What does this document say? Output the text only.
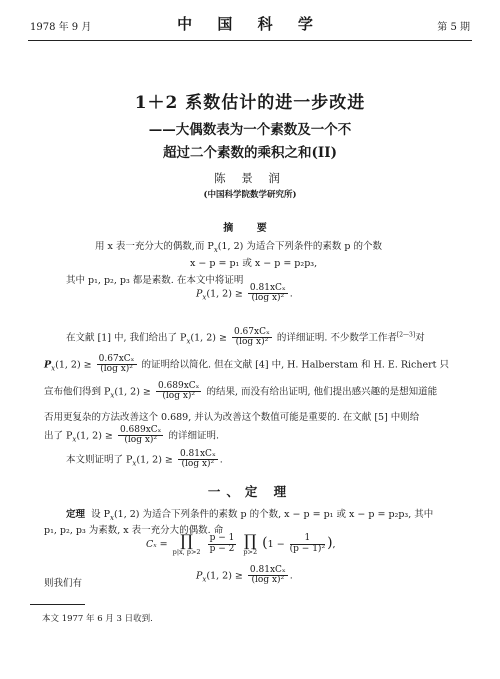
1978 年 9 月	中 国 科 学	第 5 期
1＋2 系数估计的进一步改进
——大偶数表为一个素数及一个不
超过二个素数的乘积之和(II)
陈 景 润
(中国科学院数学研究所)
摘 要
用 x 表一充分大的偶数,而 $P_x(1$, 2) 为适合下列条件的素数 p 的个数
x − p = p₁ 或 x − p = p₂p₃,
其中 p₁, p₂, p₃ 都是素数. 在本文中将证明
$P_x(1$, $2) \ge \frac{\text{0.81xCₓ}}{\text{(log x)²}}$ .
在文献 [1] 中, 我们给出了 $P_x(1$, $2) \ge \frac{\text{0.67xCₓ}}{\text{(log x)²}}$ 的详细证明. 不少数学工作者[2—3]对
$P_x(1$, $2) \ge \frac{\text{0.67xCₓ}}{\text{(log x)²}}$ 的证明给以简化. 但在文献 [4] 中, H. Halberstam 和 H. E. Richert 只
宣布他们得到 $P_x(1$, $2) \ge \frac{\text{0.689xCₓ}}{\text{(log x)²}}$ 的结果, 而没有给出证明, 他们提出感兴趣的是想知道能
否用更复杂的方法改善这个 0.689, 并认为改善这个数值可能是重要的. 在文献 [5] 中则给
出了 $P_x(1$, $2) \ge \frac{\text{0.689xCₓ}}{\text{(log x)²}}$ 的详细证明.
本文则证明了 $P_x(1$, $2) \ge \frac{\text{0.81xCₓ}}{\text{(log x)²}}$ .
一、定 理
定理 设 $P_x(1$, 2) 为适合下列条件的素数 p 的个数, x − p = p₁ 或 x − p = p₂p₃, 其中
p₁, p₂, p₃ 为素数, x 表一充分大的偶数. 命
Cₓ = ∏
p|x, p>2
$\frac{p - 1}{p - 2}$
∏
p>2
($1 - \frac{1}{\text{(p − 1)²}}$ ),
则我们有
$P_x(1$, $2) \ge \frac{\text{0.81xCₓ}}{\text{(log x)²}}$ .
本文 1977 年 6 月 3 日收到.
